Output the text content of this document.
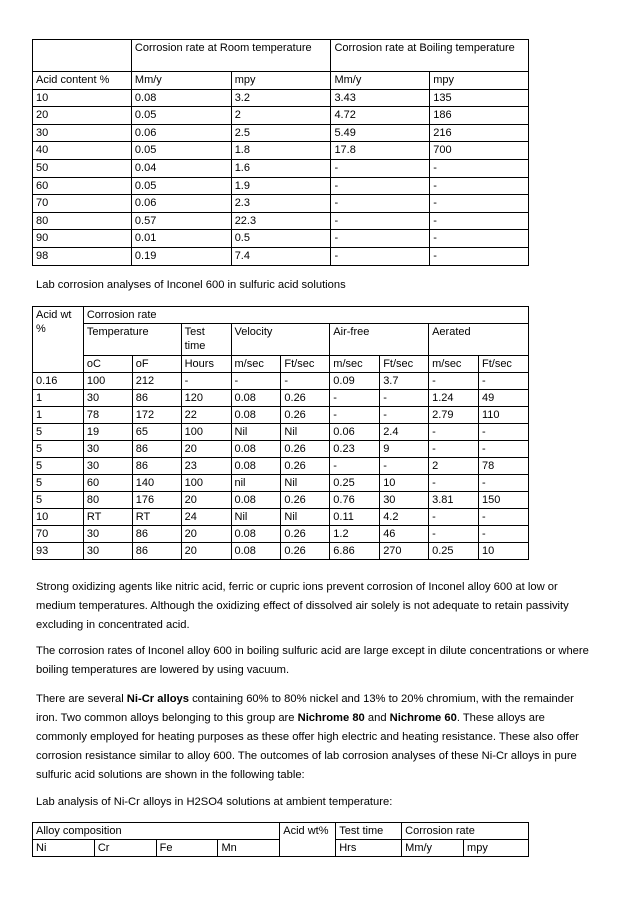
	Corrosion rate at Room temperature		Corrosion rate at Boiling temperature	
Acid content %	Mm/y	mpy	Mm/y	mpy
10	0.08	3.2	3.43	135
20	0.05	2	4.72	186
30	0.06	2.5	5.49	216
40	0.05	1.8	17.8	700
50	0.04	1.6	-	-
60	0.05	1.9	-	-
70	0.06	2.3	-	-
80	0.57	22.3	-	-
90	0.01	0.5	-	-
98	0.19	7.4	-	-
Lab corrosion analyses of Inconel 600 in sulfuric acid solutions
Acid wt %	Corrosion rate								
	Temperature		Test time	Velocity		Air-free		Aerated	
	oC	oF	Hours	m/sec	Ft/sec	m/sec	Ft/sec	m/sec	Ft/sec
0.16	100	212	-	-	-	0.09	3.7	-	-
1	30	86	120	0.08	0.26	-	-	1.24	49
1	78	172	22	0.08	0.26	-	-	2.79	110
5	19	65	100	Nil	Nil	0.06	2.4	-	-
5	30	86	20	0.08	0.26	0.23	9	-	-
5	30	86	23	0.08	0.26	-	-	2	78
5	60	140	100	nil	Nil	0.25	10	-	-
5	80	176	20	0.08	0.26	0.76	30	3.81	150
10	RT	RT	24	Nil	Nil	0.11	4.2	-	-
70	30	86	20	0.08	0.26	1.2	46	-	-
93	30	86	20	0.08	0.26	6.86	270	0.25	10
Strong oxidizing agents like nitric acid, ferric or cupric ions prevent corrosion of Inconel alloy 600 at low or medium temperatures. Although the oxidizing effect of dissolved air solely is not adequate to retain passivity excluding in concentrated acid.
The corrosion rates of Inconel alloy 600 in boiling sulfuric acid are large except in dilute concentrations or where boiling temperatures are lowered by using vacuum.
There are several Ni-Cr alloys containing 60% to 80% nickel and 13% to 20% chromium, with the remainder iron. Two common alloys belonging to this group are Nichrome 80 and Nichrome 60. These alloys are commonly employed for heating purposes as these offer high electric and heating resistance. These also offer corrosion resistance similar to alloy 600. The outcomes of lab corrosion analyses of these Ni-Cr alloys in pure sulfuric acid solutions are shown in the following table:
Lab analysis of Ni-Cr alloys in H2SO4 solutions at ambient temperature:
Alloy composition				Acid wt%	Test time	Corrosion rate	
Ni	Cr	Fe	Mn		Hrs	Mm/y	mpy
